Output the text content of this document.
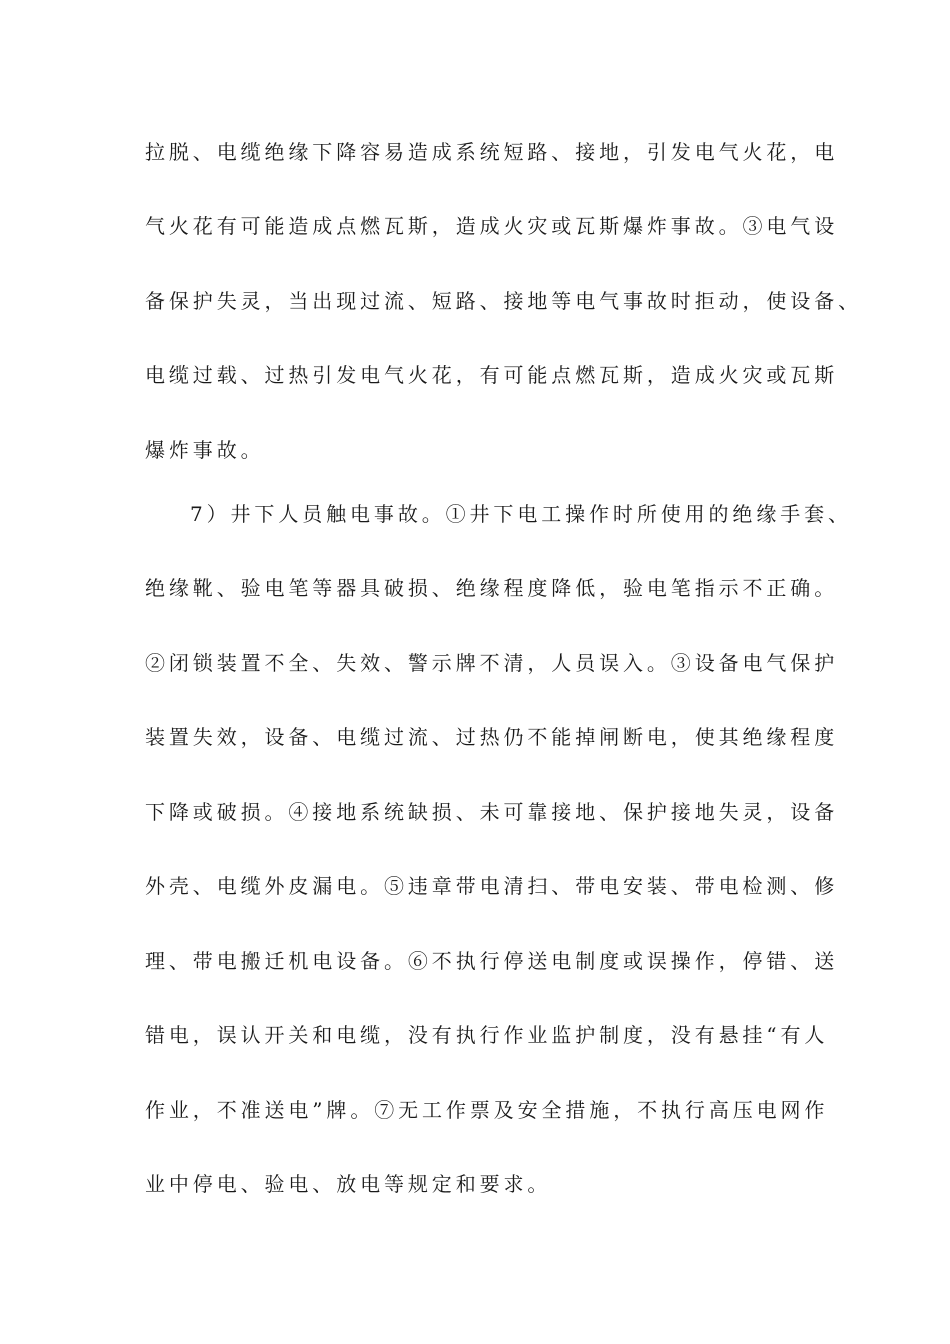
拉脱、电缆绝缘下降容易造成系统短路、接地，引发电气火花，电
气火花有可能造成点燃瓦斯，造成火灾或瓦斯爆炸事故。③电气设
备保护失灵，当出现过流、短路、接地等电气事故时拒动，使设备、
电缆过载、过热引发电气火花，有可能点燃瓦斯，造成火灾或瓦斯
爆炸事故。
7）井下人员触电事故。①井下电工操作时所使用的绝缘手套、
绝缘靴、验电笔等器具破损、绝缘程度降低，验电笔指示不正确。
②闭锁装置不全、失效、警示牌不清，人员误入。③设备电气保护
装置失效，设备、电缆过流、过热仍不能掉闸断电，使其绝缘程度
下降或破损。④接地系统缺损、未可靠接地、保护接地失灵，设备
外壳、电缆外皮漏电。⑤违章带电清扫、带电安装、带电检测、修
理、带电搬迁机电设备。⑥不执行停送电制度或误操作，停错、送
错电，误认开关和电缆，没有执行作业监护制度，没有悬挂“有人
作业，不准送电”牌。⑦无工作票及安全措施，不执行高压电网作
业中停电、验电、放电等规定和要求。
